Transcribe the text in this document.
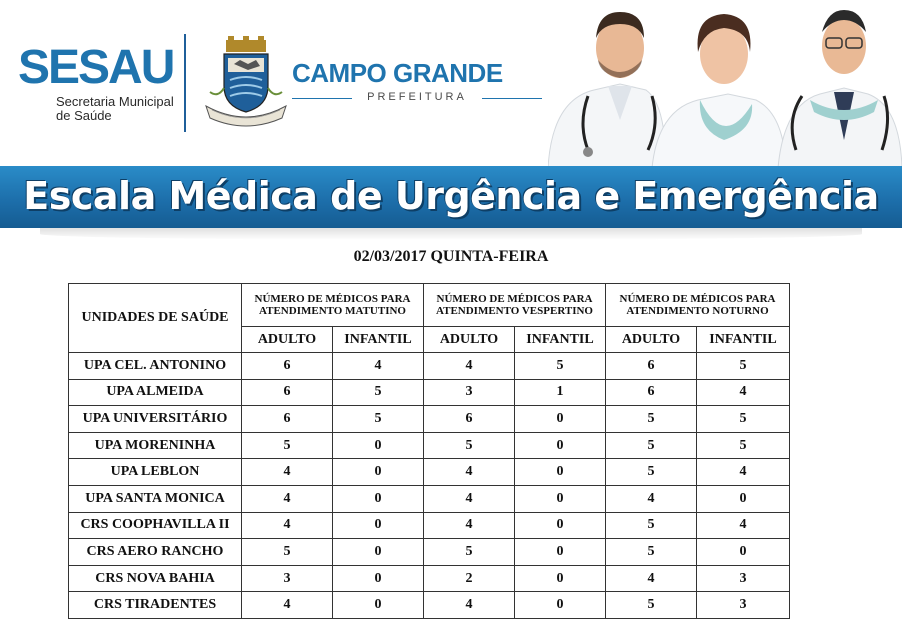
SESAU
Secretaria Municipal de Saúde
CAMPO GRANDE
PREFEITURA
Escala Médica de Urgência e Emergência
02/03/2017 QUINTA-FEIRA
UNIDADES DE SAÚDE	NÚMERO DE MÉDICOS PARA ATENDIMENTO MATUTINO		NÚMERO DE MÉDICOS PARA ATENDIMENTO VESPERTINO		NÚMERO DE MÉDICOS PARA ATENDIMENTO NOTURNO	
	ADULTO	INFANTIL	ADULTO	INFANTIL	ADULTO	INFANTIL
UPA CEL. ANTONINO	6	4	4	5	6	5
UPA ALMEIDA	6	5	3	1	6	4
UPA UNIVERSITÁRIO	6	5	6	0	5	5
UPA MORENINHA	5	0	5	0	5	5
UPA LEBLON	4	0	4	0	5	4
UPA SANTA MONICA	4	0	4	0	4	0
CRS COOPHAVILLA II	4	0	4	0	5	4
CRS AERO RANCHO	5	0	5	0	5	0
CRS NOVA BAHIA	3	0	2	0	4	3
CRS TIRADENTES	4	0	4	0	5	3
